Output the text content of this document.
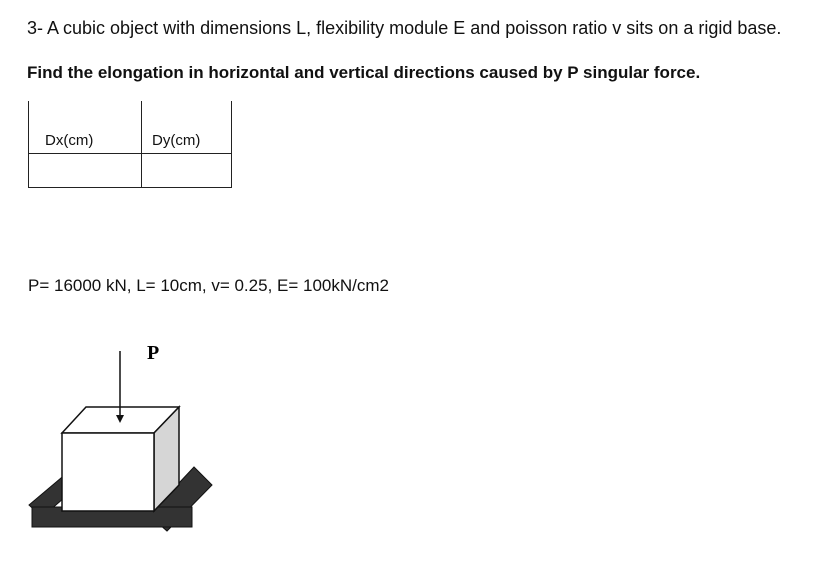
3- A cubic object with dimensions L, flexibility module E and poisson ratio v sits on a rigid base.
Find the elongation in horizontal and vertical directions caused by P singular force.
Dx(cm)	Dy(cm)

P= 16000 kN, L= 10cm, v= 0.25, E= 100kN/cm2
P
